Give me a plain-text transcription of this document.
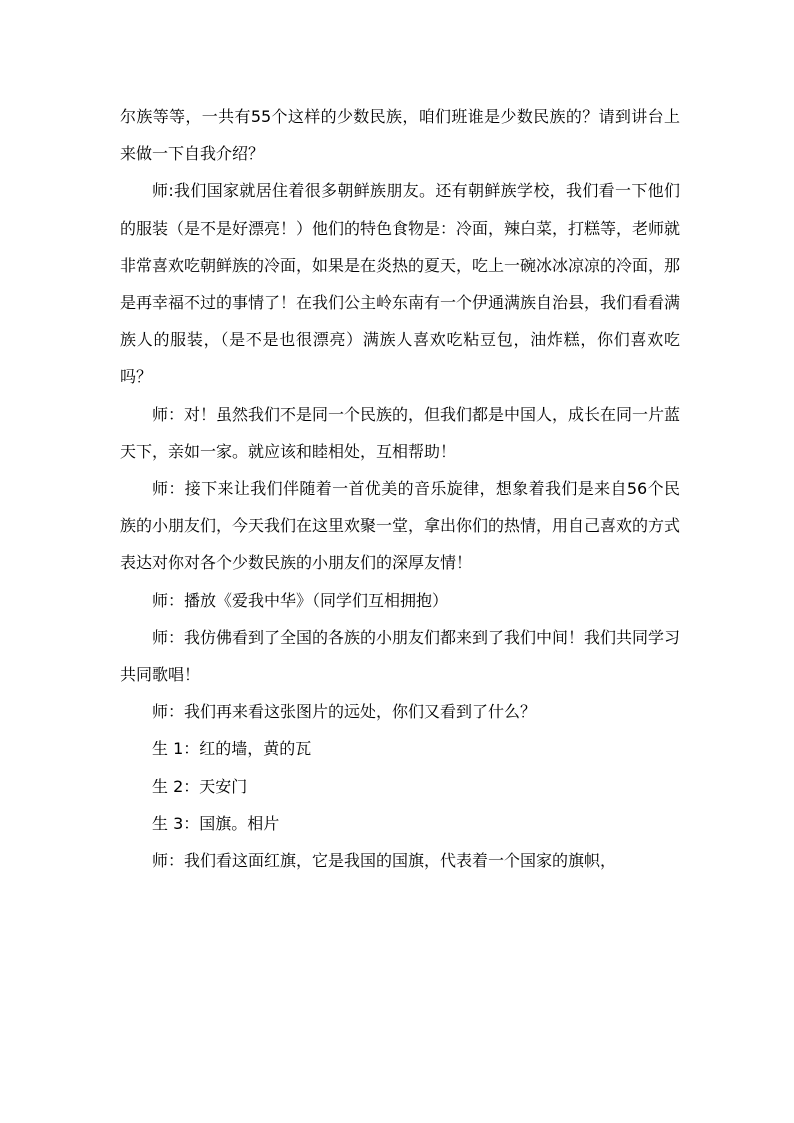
尔族等等，一共有55个这样的少数民族，咱们班谁是少数民族的？请到讲台上来做一下自我介绍？

师:我们国家就居住着很多朝鲜族朋友。还有朝鲜族学校，我们看一下他们的服装（是不是好漂亮！）他们的特色食物是：冷面，辣白菜，打糕等，老师就非常喜欢吃朝鲜族的冷面，如果是在炎热的夏天，吃上一碗冰冰凉凉的冷面，那是再幸福不过的事情了！在我们公主岭东南有一个伊通满族自治县，我们看看满族人的服装，（是不是也很漂亮）满族人喜欢吃粘豆包，油炸糕，你们喜欢吃吗？

师：对！虽然我们不是同一个民族的，但我们都是中国人，成长在同一片蓝 天下，亲如一家。就应该和睦相处，互相帮助！

师：接下来让我们伴随着一首优美的音乐旋律，想象着我们是来自56个民 族的小朋友们，今天我们在这里欢聚一堂，拿出你们的热情，用自己喜欢的方式表达对你对各个少数民族的小朋友们的深厚友情！

师：播放《爱我中华》（同学们互相拥抱）

师：我仿佛看到了全国的各族的小朋友们都来到了我们中间！我们共同学习 共同歌唱！

师：我们再来看这张图片的远处，你们又看到了什么？

生 1：红的墙，黄的瓦

生 2：天安门

生 3：国旗。相片

师：我们看这面红旗，它是我国的国旗，代表着一个国家的旗帜，
